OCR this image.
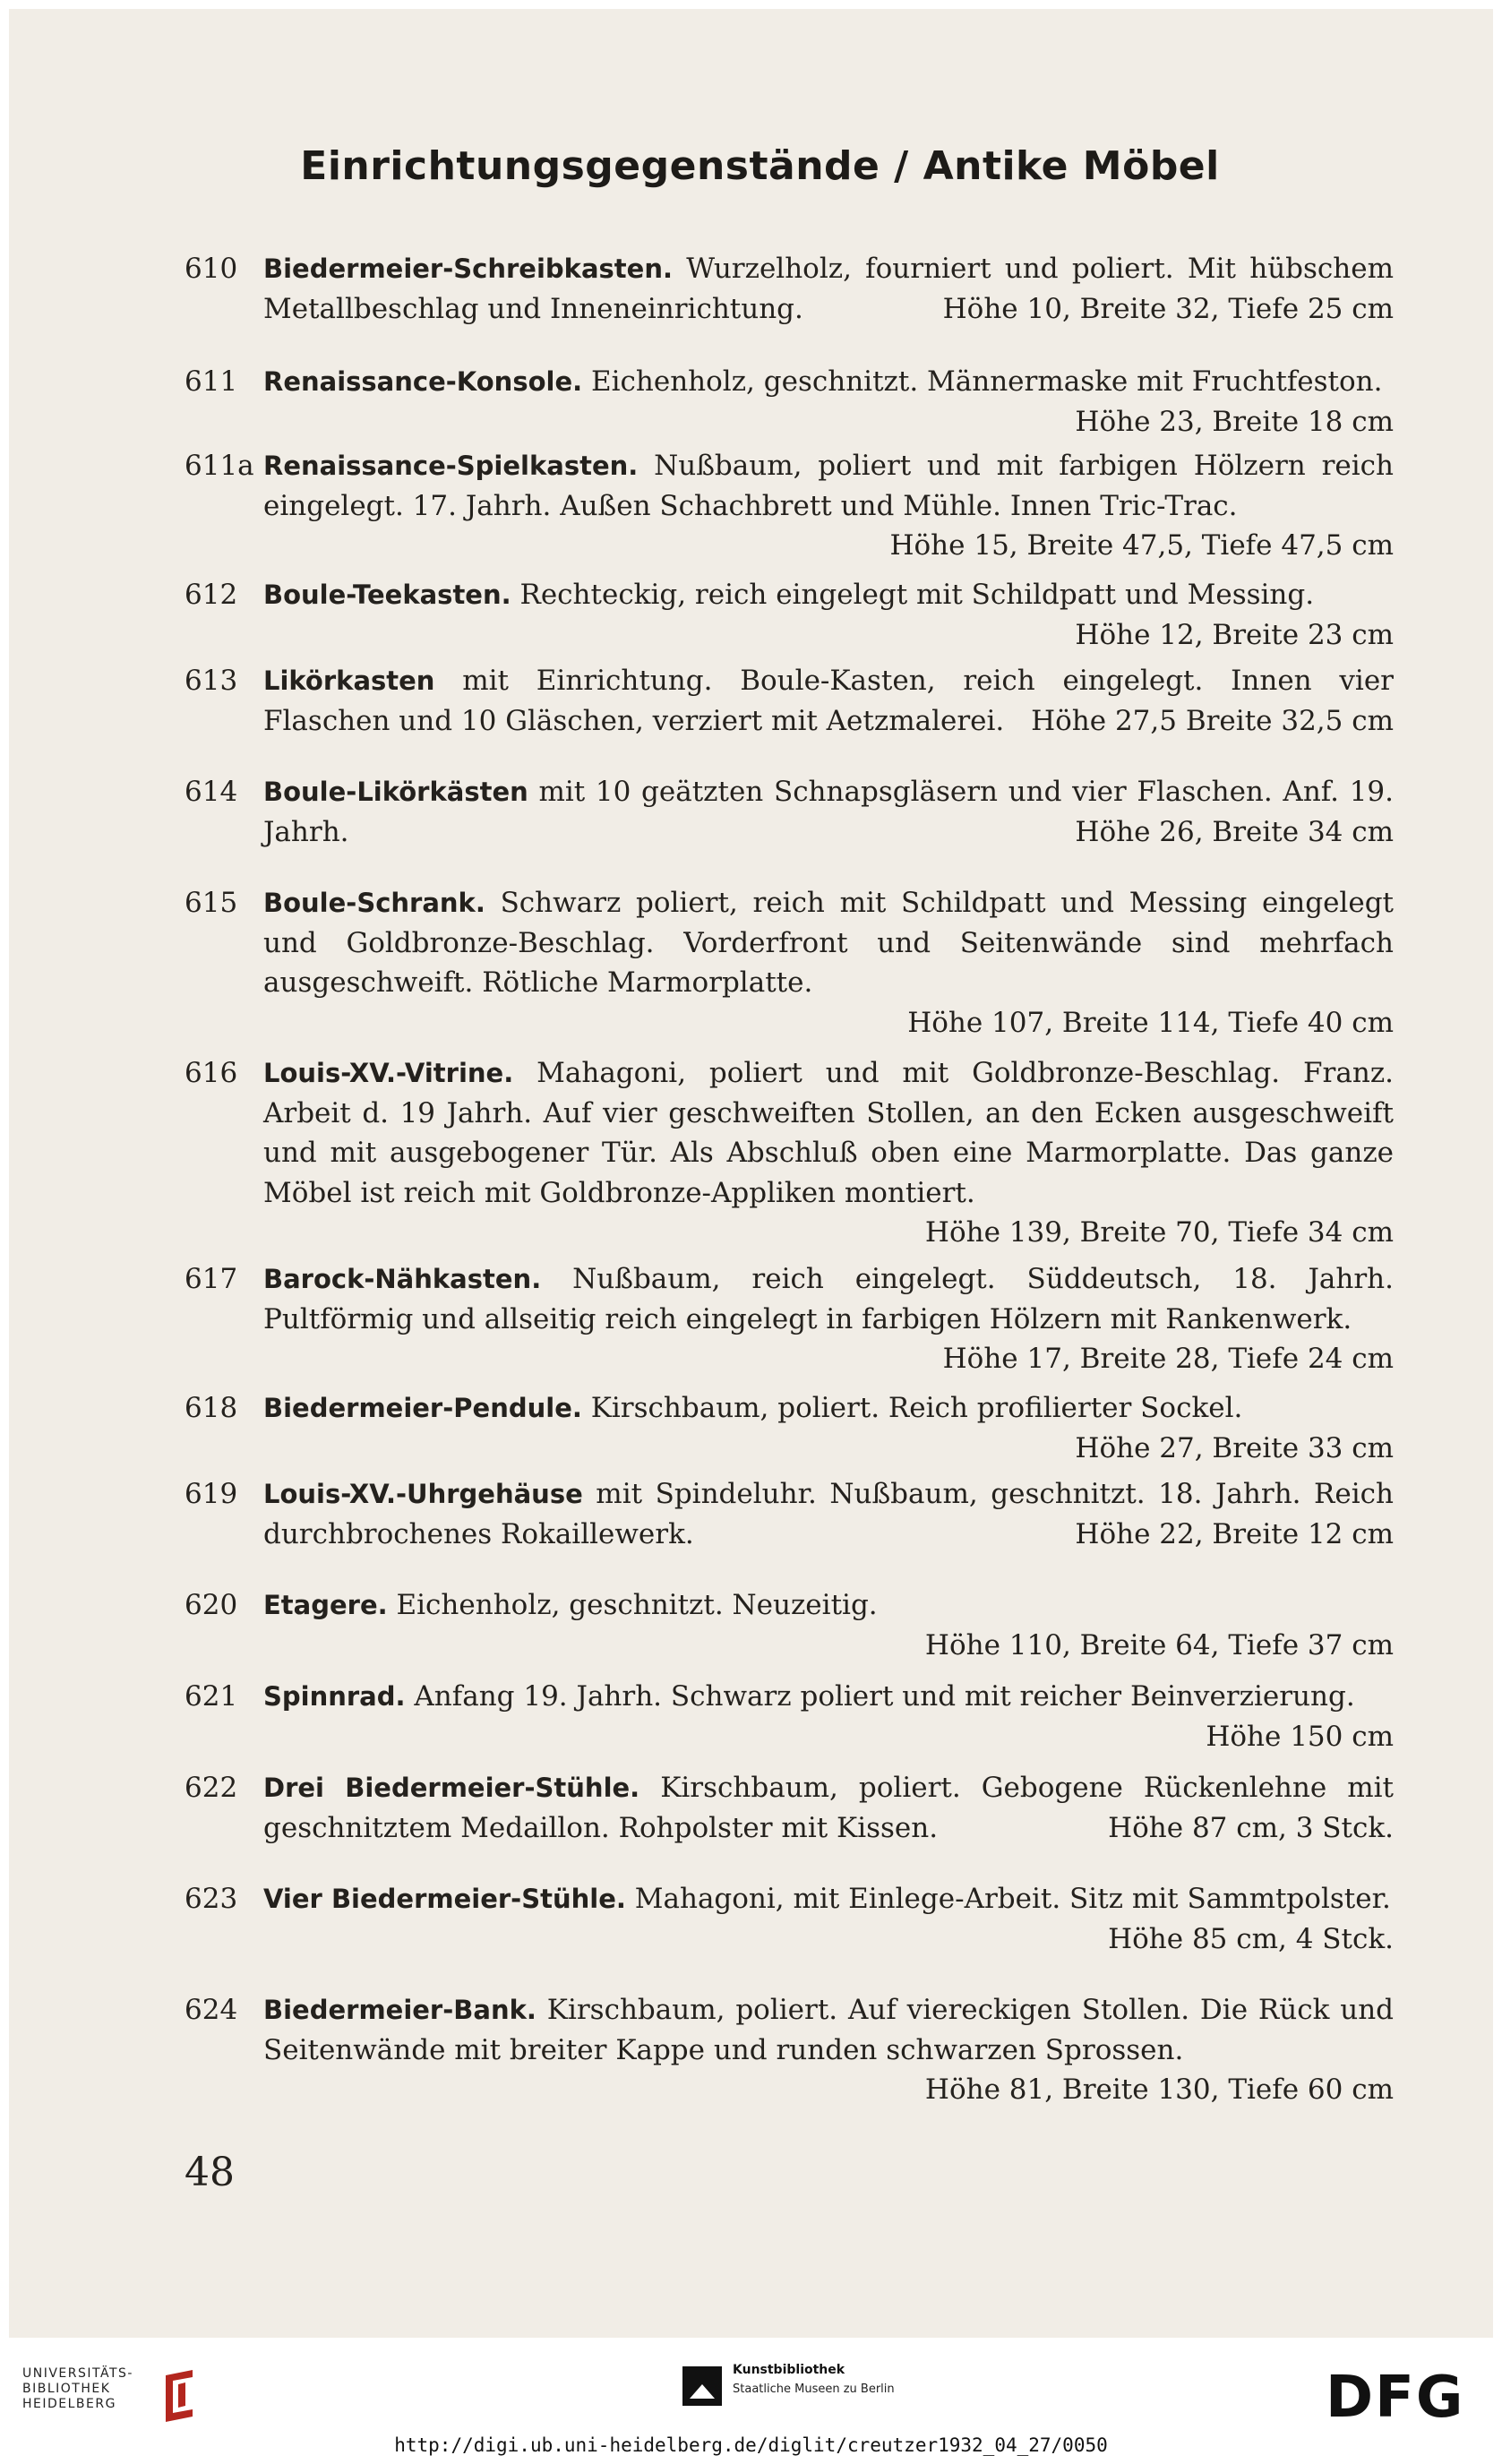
Einrichtungsgegenstände / Antike Möbel
610 Biedermeier-Schreibkasten. Wurzelholz, fourniert und poliert. Mit hübschem Metallbeschlag und Inneneinrichtung.	Höhe 10, Breite 32, Tiefe 25 cm
611 Renaissance-Konsole. Eichenholz, geschnitzt. Männermaske mit Fruchtfeston.
Höhe 23, Breite 18 cm
611a Renaissance-Spielkasten. Nußbaum, poliert und mit farbigen Hölzern reich eingelegt. 17. Jahrh. Außen Schachbrett und Mühle. Innen Tric-Trac.
Höhe 15, Breite 47,5, Tiefe 47,5 cm
612 Boule-Teekasten. Rechteckig, reich eingelegt mit Schildpatt und Messing.
Höhe 12, Breite 23 cm
613 Likörkasten mit Einrichtung. Boule-Kasten, reich eingelegt. Innen vier Flaschen und 10 Gläschen, verziert mit Aetzmalerei. Höhe 27,5 Breite 32,5 cm
614 Boule-Likörkästen mit 10 geätzten Schnapsgläsern und vier Flaschen. Anf. 19. Jahrh.	Höhe 26, Breite 34 cm
615 Boule-Schrank. Schwarz poliert, reich mit Schildpatt und Messing eingelegt und Goldbronze-Beschlag. Vorderfront und Seitenwände sind mehrfach ausgeschweift. Rötliche Marmorplatte.
Höhe 107, Breite 114, Tiefe 40 cm
616 Louis-XV.-Vitrine. Mahagoni, poliert und mit Goldbronze-Beschlag. Franz. Arbeit d. 19 Jahrh. Auf vier geschweiften Stollen, an den Ecken ausgeschweift und mit ausgebogener Tür. Als Abschluß oben eine Marmorplatte. Das ganze Möbel ist reich mit Goldbronze-Appliken montiert.
Höhe 139, Breite 70, Tiefe 34 cm
617 Barock-Nähkasten. Nußbaum, reich eingelegt. Süddeutsch, 18. Jahrh. Pultförmig und allseitig reich eingelegt in farbigen Hölzern mit Rankenwerk.
Höhe 17, Breite 28, Tiefe 24 cm
618 Biedermeier-Pendule. Kirschbaum, poliert. Reich profilierter Sockel.
Höhe 27, Breite 33 cm
619 Louis-XV.-Uhrgehäuse mit Spindeluhr. Nußbaum, geschnitzt. 18. Jahrh. Reich durchbrochenes Rokaillewerk.	Höhe 22, Breite 12 cm
620 Etagere. Eichenholz, geschnitzt. Neuzeitig.
Höhe 110, Breite 64, Tiefe 37 cm
621 Spinnrad. Anfang 19. Jahrh. Schwarz poliert und mit reicher Beinverzierung.
Höhe 150 cm
622 Drei Biedermeier-Stühle. Kirschbaum, poliert. Gebogene Rückenlehne mit geschnitztem Medaillon. Rohpolster mit Kissen.	Höhe 87 cm, 3 Stck.
623 Vier Biedermeier-Stühle. Mahagoni, mit Einlege-Arbeit. Sitz mit Sammtpolster.
Höhe 85 cm, 4 Stck.
624 Biedermeier-Bank. Kirschbaum, poliert. Auf viereckigen Stollen. Die Rück und Seitenwände mit breiter Kappe und runden schwarzen Sprossen.
Höhe 81, Breite 130, Tiefe 60 cm
48
UNIVERSITÄTS-
BIBLIOTHEK
HEIDELBERG
Kunstbibliothek
Staatliche Museen zu Berlin	DFG
http://digi.ub.uni-heidelberg.de/diglit/creutzer1932_04_27/0050
